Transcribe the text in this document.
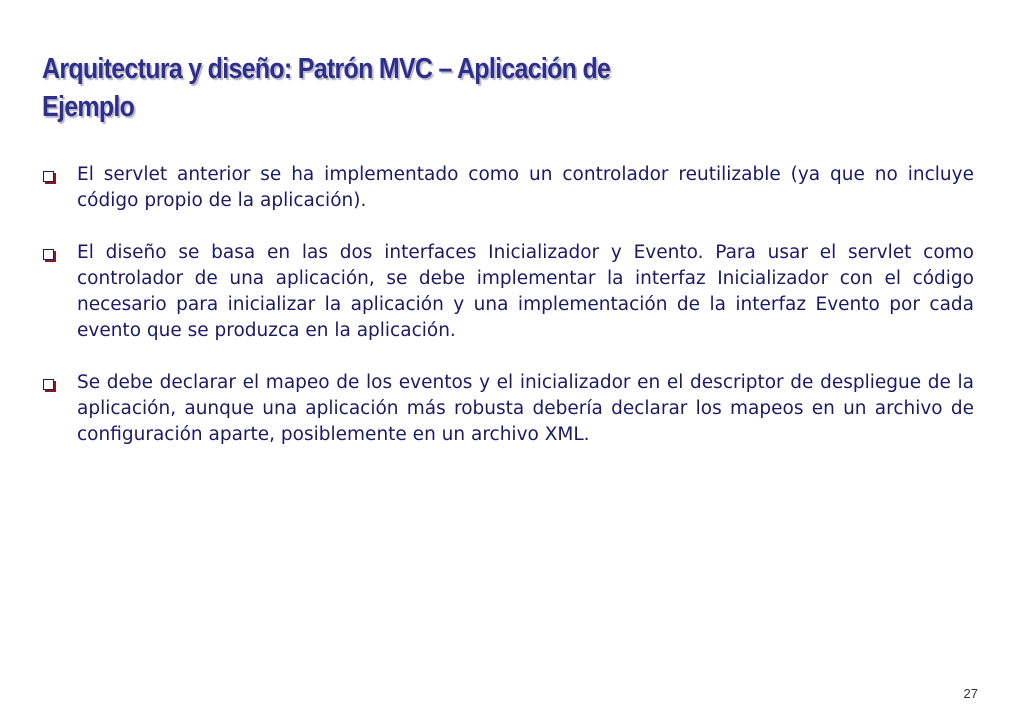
Arquitectura y diseño: Patrón MVC – Aplicación de
Ejemplo
El servlet anterior se ha implementado como un controlador reutilizable (ya que no incluye código propio de la aplicación).
El diseño se basa en las dos interfaces Inicializador y Evento. Para usar el servlet como controlador de una aplicación, se debe implementar la interfaz Inicializador con el código necesario para inicializar la aplicación y una implementación de la interfaz Evento por cada evento que se produzca en la aplicación.
Se debe declarar el mapeo de los eventos y el inicializador en el descriptor de despliegue de la aplicación, aunque una aplicación más robusta debería declarar los mapeos en un archivo de configuración aparte, posiblemente en un archivo XML.
27
